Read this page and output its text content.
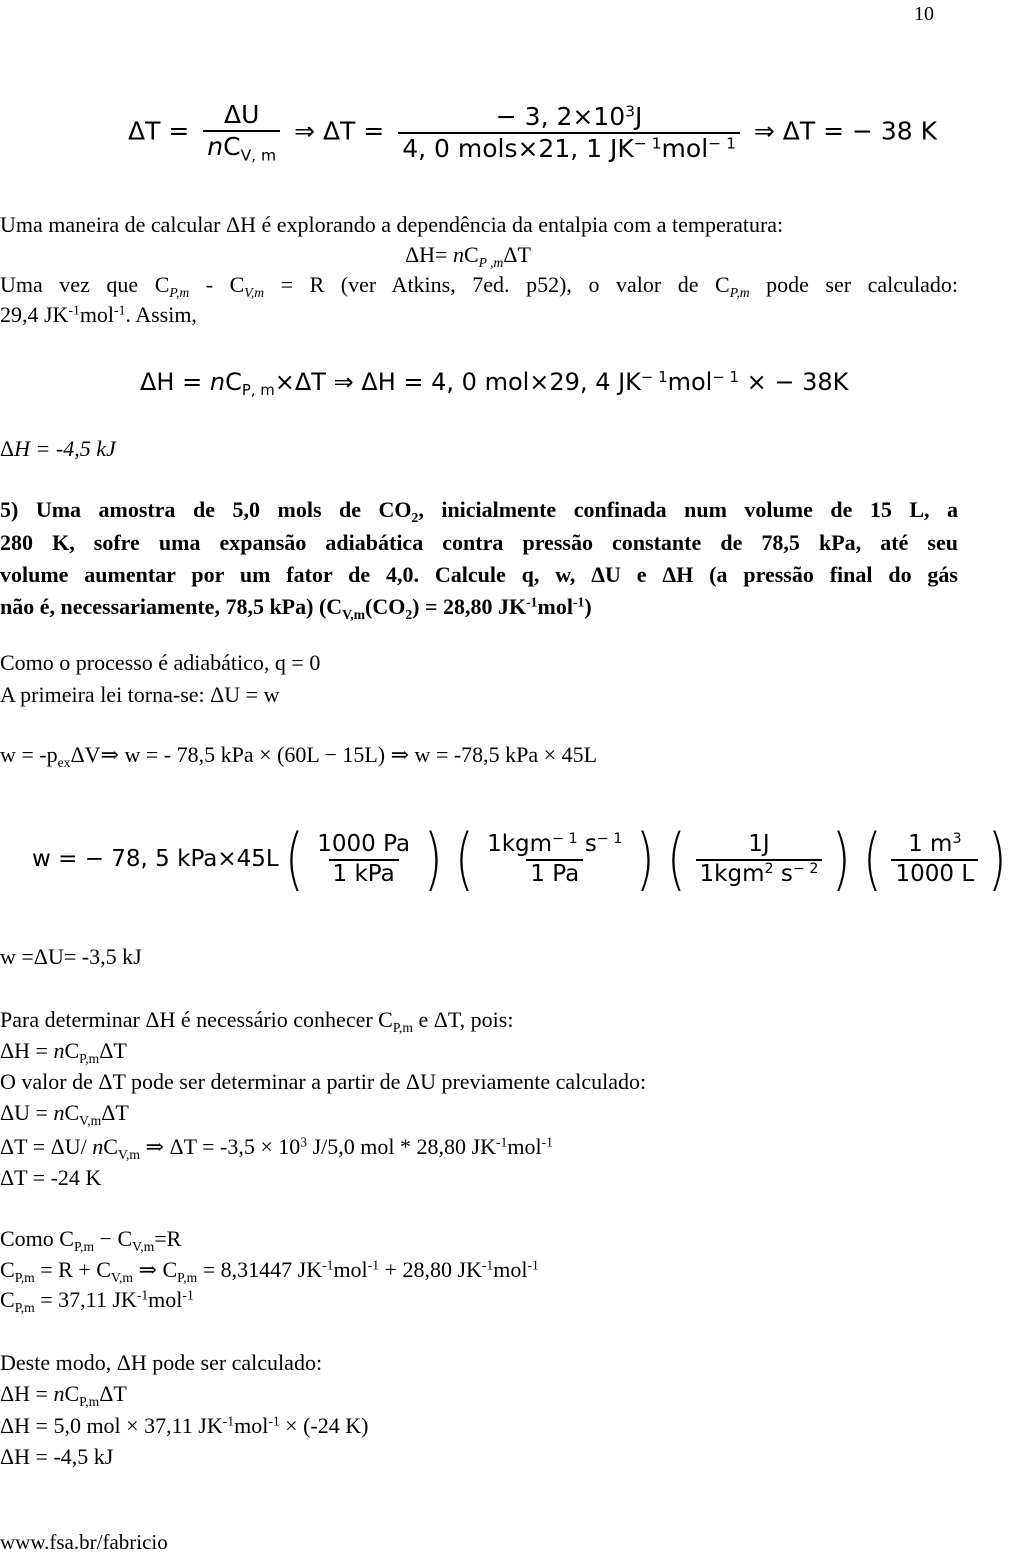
10
$\Delta T = \frac{\Delta U}{nC_{V, m}}$ ⇒ $\Delta T = \frac{- 3, 2\times 10^3J}{4, 0 mols\times 21, 1 JK^{- 1}mol^{- 1}}$ ⇒ ΔT = − 38 K
Uma maneira de calcular ΔH é explorando a dependência da entalpia com a temperatura:
$\Delta H= nC_{P ,m}\Delta T$
Uma vez que $C_{P,m} - C_{V,m} = R$ (ver Atkins, 7ed. p52), o valor de $C_{P,m}$ pode ser calculado:
29,4 $JK^{-1}mol^{-1}$. Assim,
$\Delta H = nC_{P, m}\times\Delta T$ ⇒ ΔH = 4, 0 mol×29, 4 $JK^{- 1}mol^{- 1}$ × − 38K
ΔH = -4,5 kJ
5) Uma amostra de 5,0 mols de $CO_2$, inicialmente confinada num volume de 15 L, a
280 K, sofre uma expansão adiabática contra pressão constante de 78,5 kPa, até seu
volume aumentar por um fator de 4,0. Calcule q, w, ΔU e ΔH (a pressão final do gás
não é, necessariamente, 78,5 kPa) ($C_{V,m}(CO_2) = 28,80$ $JK^{-1}mol^{-1}$)
Como o processo é adiabático, q = 0
A primeira lei torna-se: ΔU = w
$w = -p_{ex}\Delta V\Rightarrow$ w = - 78,5 kPa × (60L − 15L) ⇒ w = -78,5 kPa × 45L
w = − 78, 5 kPa×45L ( $\frac{1000 Pa}{\text{1 kPa}}$ ) ( $\frac{1kgm^{- 1} s^{- 1}}{1 Pa}$ ) ( $\frac{1J}{1kgm^2 s^{- 2}}$ ) ( $\frac{1 m^3}{1000 L}$ )
w =ΔU= -3,5 kJ
Para determinar ΔH é necessário conhecer $C_{P,m}$ e ΔT, pois:
$\Delta H = nC_{P,m}\Delta T$
O valor de ΔT pode ser determinar a partir de ΔU previamente calculado:
$\Delta U = nC_{V,m}\Delta T$
ΔT = ΔU/ $nC_{V,m}$ ⇒ $\Delta T = -3,5 \times 10^3$ J/5,0 mol * 28,80 $JK^{-1}mol^{-1}$
ΔT = -24 K
Como $C_{P,m} - C_{V,m}=R$
$C_{P,m} = R + C_{V,m}$ ⇒ $C_{P,m} = 8,31447$ $JK^{-1}mol^{-1} + 28,80$ $JK^{-1}mol^{-1}$
$C_{P,m} = 37,11$ $JK^{-1}mol^{-1}$
Deste modo, ΔH pode ser calculado:
$\Delta H = nC_{P,m}\Delta T$
ΔH = 5,0 mol × 37,11 $JK^{-1}mol^{-1} \times (-24$ K)
ΔH = -4,5 kJ
www.fsa.br/fabricio
